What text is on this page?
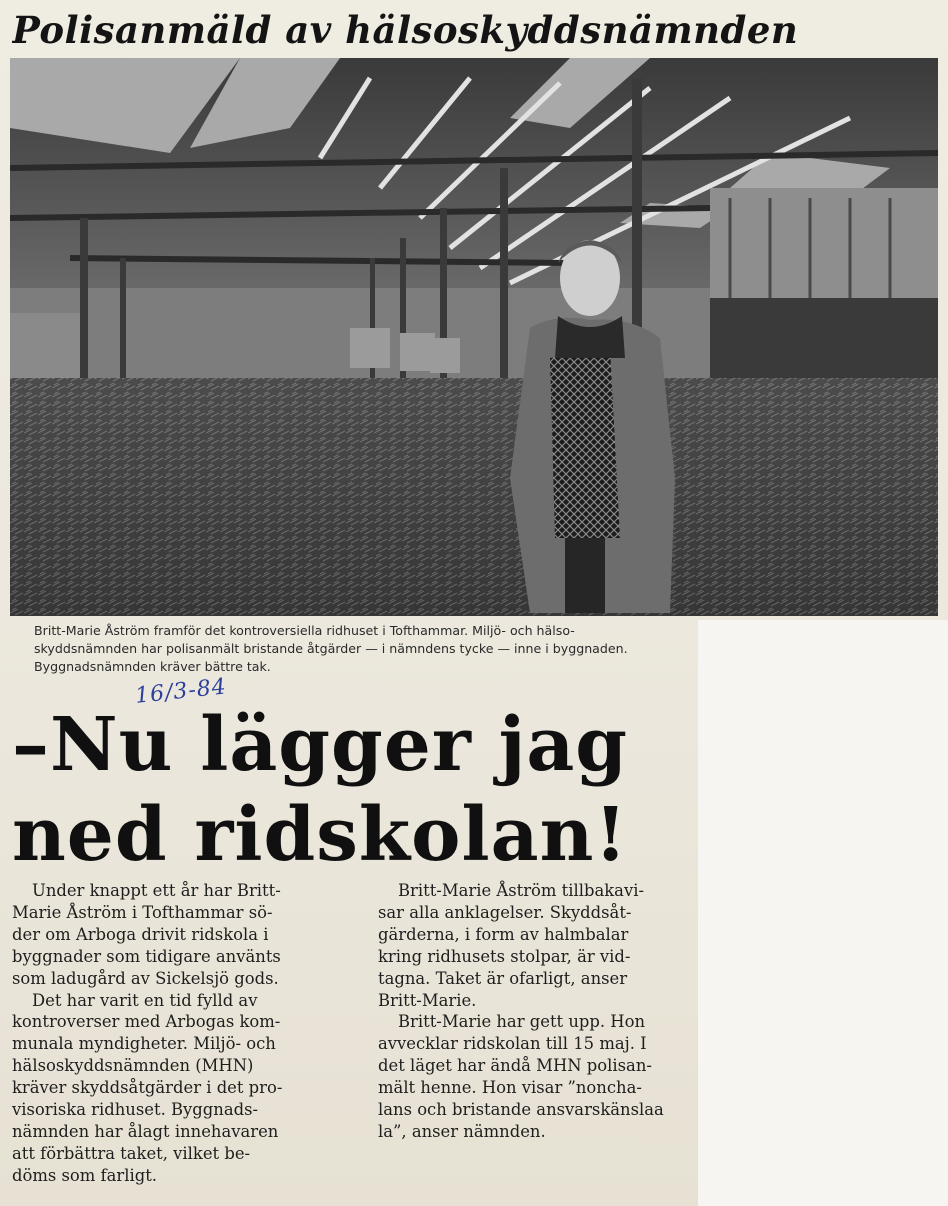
Polisanmäld av hälsoskyddsnämnden
Britt-Marie Åström framför det kontroversiella ridhuset i Tofthammar. Miljö- och hälso-
skyddsnämnden har polisanmält bristande åtgärder — i nämndens tycke — inne i byggnaden.
Byggnadsnämnden kräver bättre tak.
16/3-84
–Nu lägger jag
ned ridskolan!
Under knappt ett år har Britt-
Marie Åström i Tofthammar sö-
der om Arboga drivit ridskola i
byggnader som tidigare använts
som ladugård av Sickelsjö gods.
Det har varit en tid fylld av
kontroverser med Arbogas kom-
munala myndigheter. Miljö- och
hälsoskyddsnämnden (MHN)
kräver skyddsåtgärder i det pro-
visoriska ridhuset. Byggnads-
nämnden har ålagt innehavaren
att förbättra taket, vilket be-
döms som farligt.
Britt-Marie Åström tillbakavi-
sar alla anklagelser. Skyddsåt-
gärderna, i form av halmbalar
kring ridhusets stolpar, är vid-
tagna. Taket är ofarligt, anser
Britt-Marie.
Britt-Marie har gett upp. Hon
avvecklar ridskolan till 15 maj. I
det läget har ändå MHN polisan-
mält henne. Hon visar ”noncha-
lans och bristande ansvarskänslaa
la”, anser nämnden.
